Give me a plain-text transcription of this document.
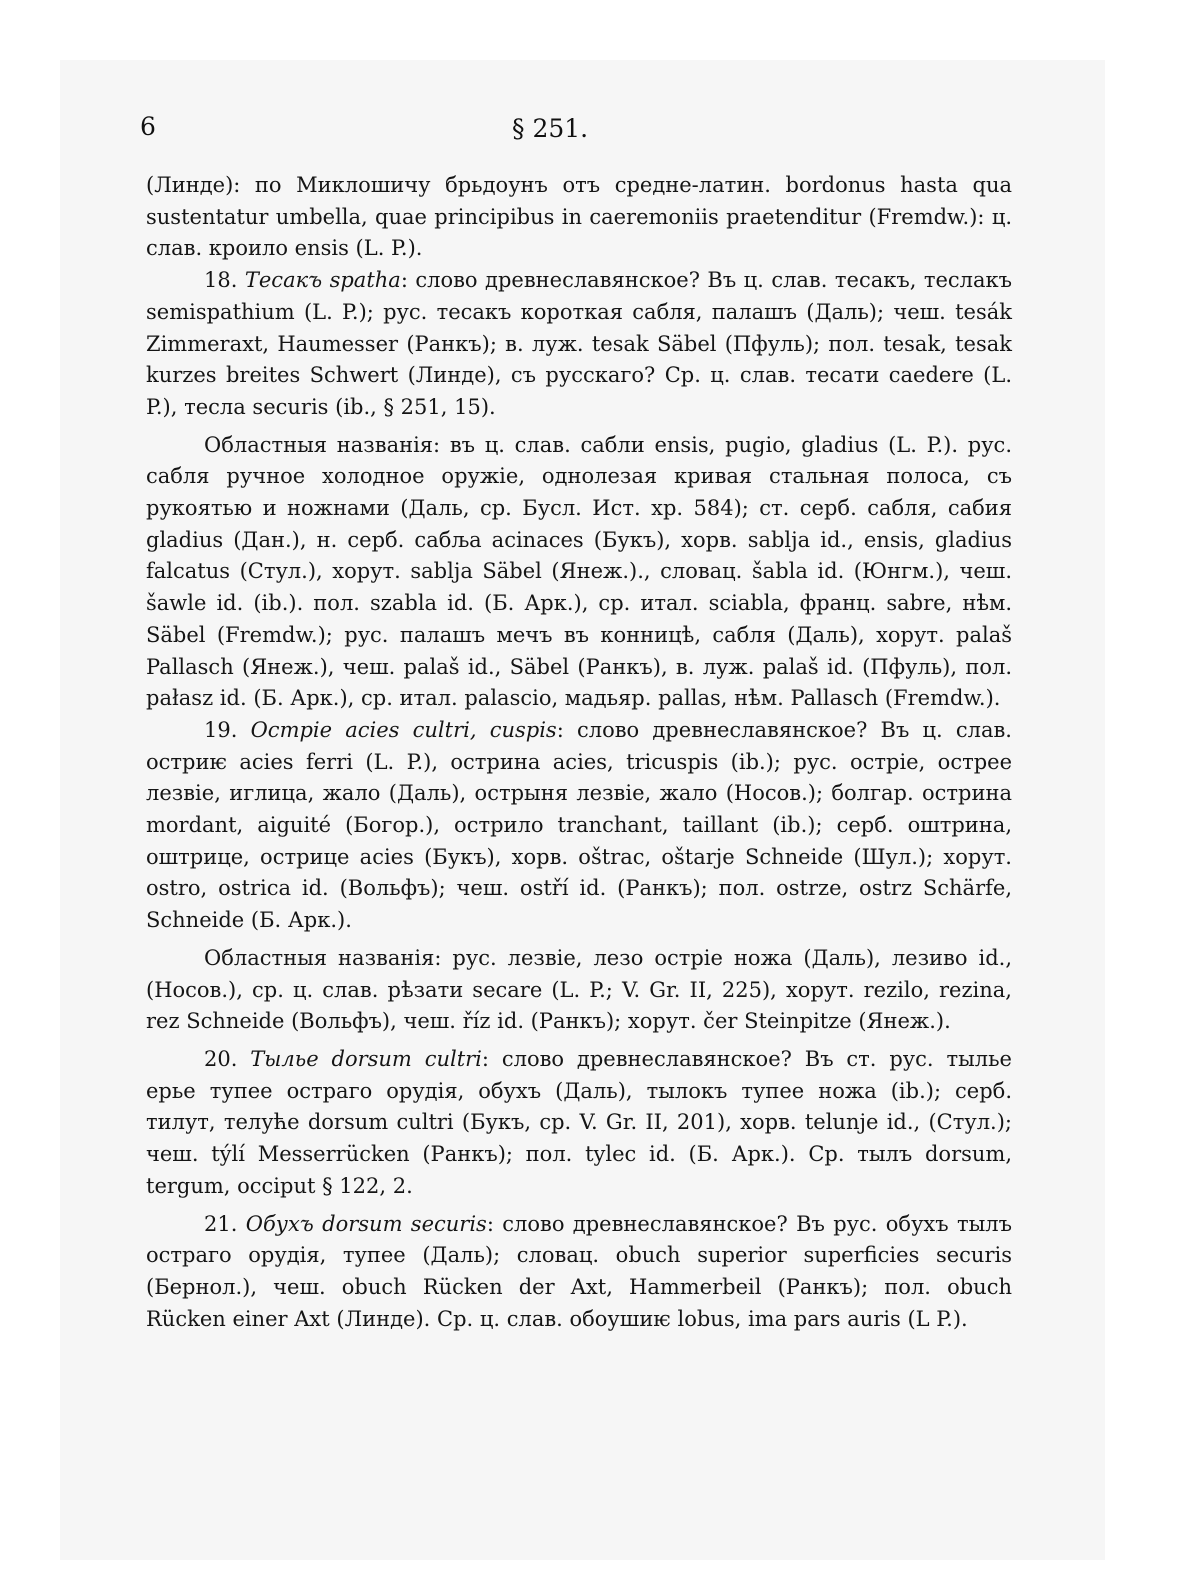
6	§ 251.

(Линде): по Миклошичу брьдоунъ отъ средне-латин. bordonus hasta qua sustentatur umbella, quae principibus in caeremoniis praetenditur (Fremdw.): ц. слав. кроило ensis (L. P.).

18. Тесакъ spatha: слово древнеславянское? Въ ц. слав. тесакъ, теслакъ semispathium (L. P.); рус. тесакъ короткая сабля, палашъ (Даль); чеш. tesák Zimmeraxt, Haumesser (Ранкъ); в. луж. tesak Säbel (Пфуль); пол. tesak, tesak kurzes breites Schwert (Линде), съ русскаго? Ср. ц. слав. тесати caedere (L. P.), тесла securis (ib., § 251, 15).

Областныя названія: въ ц. слав. сабли ensis, pugio, gladius (L. P.). рус. сабля ручное холодное оружіе, однолезая кривая стальная полоса, съ рукоятью и ножнами (Даль, ср. Бусл. Ист. хр. 584); ст. серб. сабля, сабия gladius (Дан.), н. серб. сабља acinaces (Букъ), хорв. sablja id., ensis, gladius falcatus (Стул.), хорут. sablja Säbel (Янеж.)., словац. šabla id. (Юнгм.), чеш. šawle id. (ib.). пол. szabla id. (Б. Арк.), ср. итал. sciabla, франц. sabre, нѣм. Säbel (Fremdw.); рус. палашъ мечъ въ конницѣ, сабля (Даль), хорут. palaš Pallasch (Янеж.), чеш. palaš id., Säbel (Ранкъ), в. луж. palaš id. (Пфуль), пол. pałasz id. (Б. Арк.), ср. итал. palascio, мадьяр. pallas, нѣм. Pallasch (Fremdw.).

19. Остріе acies cultri, cuspis: слово древнеславянское? Въ ц. слав. остриѥ acies ferri (L. P.), острина acies, tricuspis (ib.); рус. остріе, острее лезвіе, иглица, жало (Даль), острыня лезвіе, жало (Носов.); болгар. острина mordant, aiguité (Богор.), острило tranchant, taillant (ib.); серб. оштрина, оштрице, острице acies (Букъ), хорв. oštrac, oštarje Schneide (Шул.); хорут. ostro, ostrica id. (Вольфъ); чеш. ostří id. (Ранкъ); пол. ostrze, ostrz Schärfe, Schneide (Б. Арк.).

Областныя названія: рус. лезвіе, лезо остріе ножа (Даль), лезиво id., (Носов.), ср. ц. слав. рѣзати secare (L. P.; V. Gr. II, 225), хорут. rezilo, rezina, rez Schneide (Вольфъ), чеш. říz id. (Ранкъ); хорут. čer Steinpitze (Янеж.).

20. Тылье dorsum cultri: слово древнеславянское? Въ ст. рус. тылье ерье тупее остраго орудія, обухъ (Даль), тылокъ тупее ножа (ib.); серб. тилут, телуће dorsum cultri (Букъ, ср. V. Gr. II, 201), хорв. telunje id., (Стул.); чеш. týlí Messerrücken (Ранкъ); пол. tylec id. (Б. Арк.). Ср. тылъ dorsum, tergum, occiput § 122, 2.

21. Обухъ dorsum securis: слово древнеславянское? Въ рус. обухъ тылъ остраго орудія, тупее (Даль); словац. obuch superior superficies securis (Бернол.), чеш. obuch Rücken der Axt, Hammerbeil (Ранкъ); пол. obuch Rücken einer Axt (Линде). Ср. ц. слав. обоушиѥ lobus, ima pars auris (L P.).
